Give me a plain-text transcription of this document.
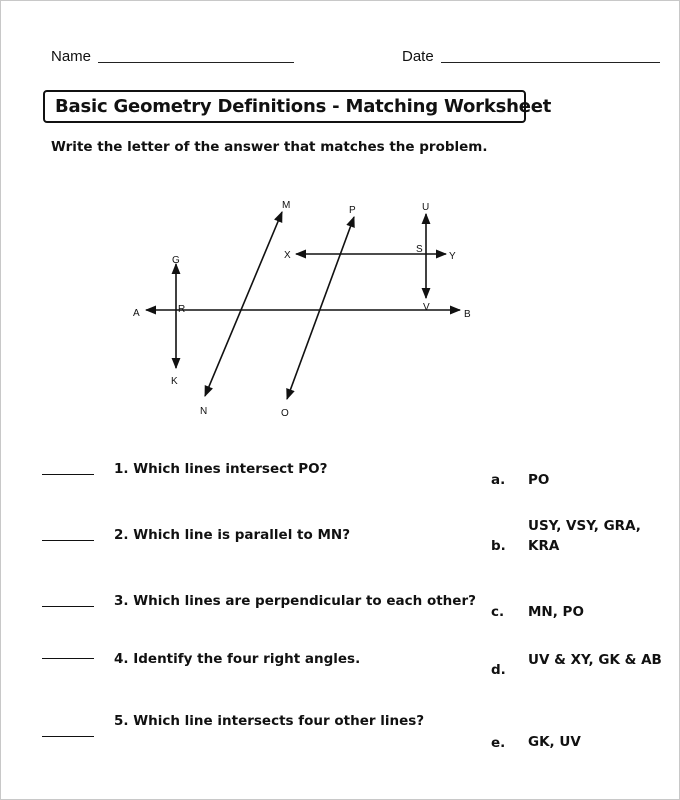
Name	Date
Basic Geometry Definitions - Matching Worksheet
Write the letter of the answer that matches the problem.
A	B
G
K
R
M
N
P
O
U
V
S
X	Y
1. Which lines intersect PO?
2. Which line is parallel to MN?
3. Which lines are perpendicular to each other?
4. Identify the four right angles.
5. Which line intersects four other lines?
a. PO
b.
USY, VSY, GRA, KRA
c. MN, PO
d.
UV & XY, GK & AB
e. GK, UV
